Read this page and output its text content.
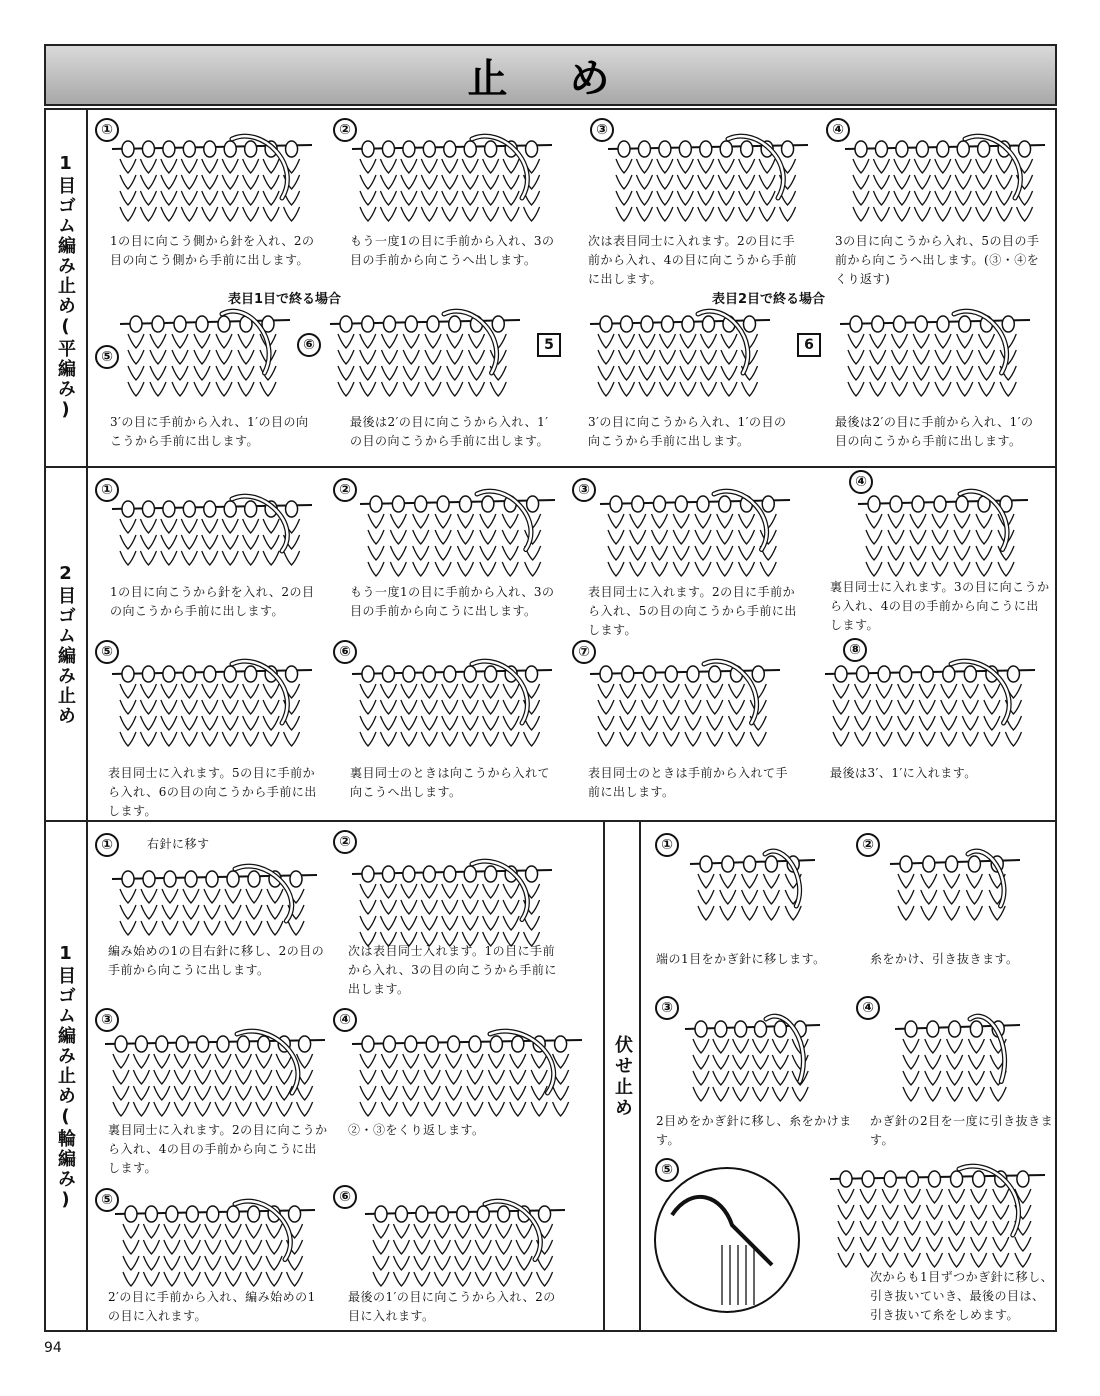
止 め
1目ゴム編み止め(平編み)
2目ゴム編み止め
1目ゴム編み止め(輪編み)	伏せ止め
①
1の目に向こう側から針を入れ、2の目の向こう側から手前に出します。
②
もう一度1の目に手前から入れ、3の目の手前から向こうへ出します。
③
次は表目同士に入れます。2の目に手前から入れ、4の目に向こうから手前に出します。
④
3の目に向こうから入れ、5の目の手前から向こうへ出します。(③・④をくり返す)
⑤
3′の目に手前から入れ、1′の目の向こうから手前に出します。
⑥
最後は2′の目に向こうから入れ、1′の目の向こうから手前に出します。
5
3′の目に向こうから入れ、1′の目の向こうから手前に出します。
6
最後は2′の目に手前から入れ、1′の目の向こうから手前に出します。
表目1目で終る場合	表目2目で終る場合
①
1の目に向こうから針を入れ、2の目の向こうから手前に出します。
②
もう一度1の目に手前から入れ、3の目の手前から向こうに出します。
③
表目同士に入れます。2の目に手前から入れ、5の目の向こうから手前に出します。
④
裏目同士に入れます。3の目に向こうから入れ、4の目の手前から向こうに出します。
⑤
表目同士に入れます。5の目に手前から入れ、6の目の向こうから手前に出します。
⑥
裏目同士のときは向こうから入れて向こうへ出します。
⑦
表目同士のときは手前から入れて手前に出します。
⑧
最後は3′、1′に入れます。
①
編み始めの1の目右針に移し、2の目の手前から向こうに出します。
右針に移す	②
次は表目同士入れます。1の目に手前から入れ、3の目の向こうから手前に出します。
③
裏目同士に入れます。2の目に向こうから入れ、4の目の手前から向こうに出します。
④
②・③をくり返します。
⑤
2′の目に手前から入れ、編み始めの1の目に入れます。
⑥
最後の1′の目に向こうから入れ、2の目に入れます。
①
端の1目をかぎ針に移します。
②
糸をかけ、引き抜きます。
③
2目めをかぎ針に移し、糸をかけます。
④
かぎ針の2目を一度に引き抜きます。
⑤
次からも1目ずつかぎ針に移し、引き抜いていき、最後の目は、引き抜いて糸をしめます。
94
